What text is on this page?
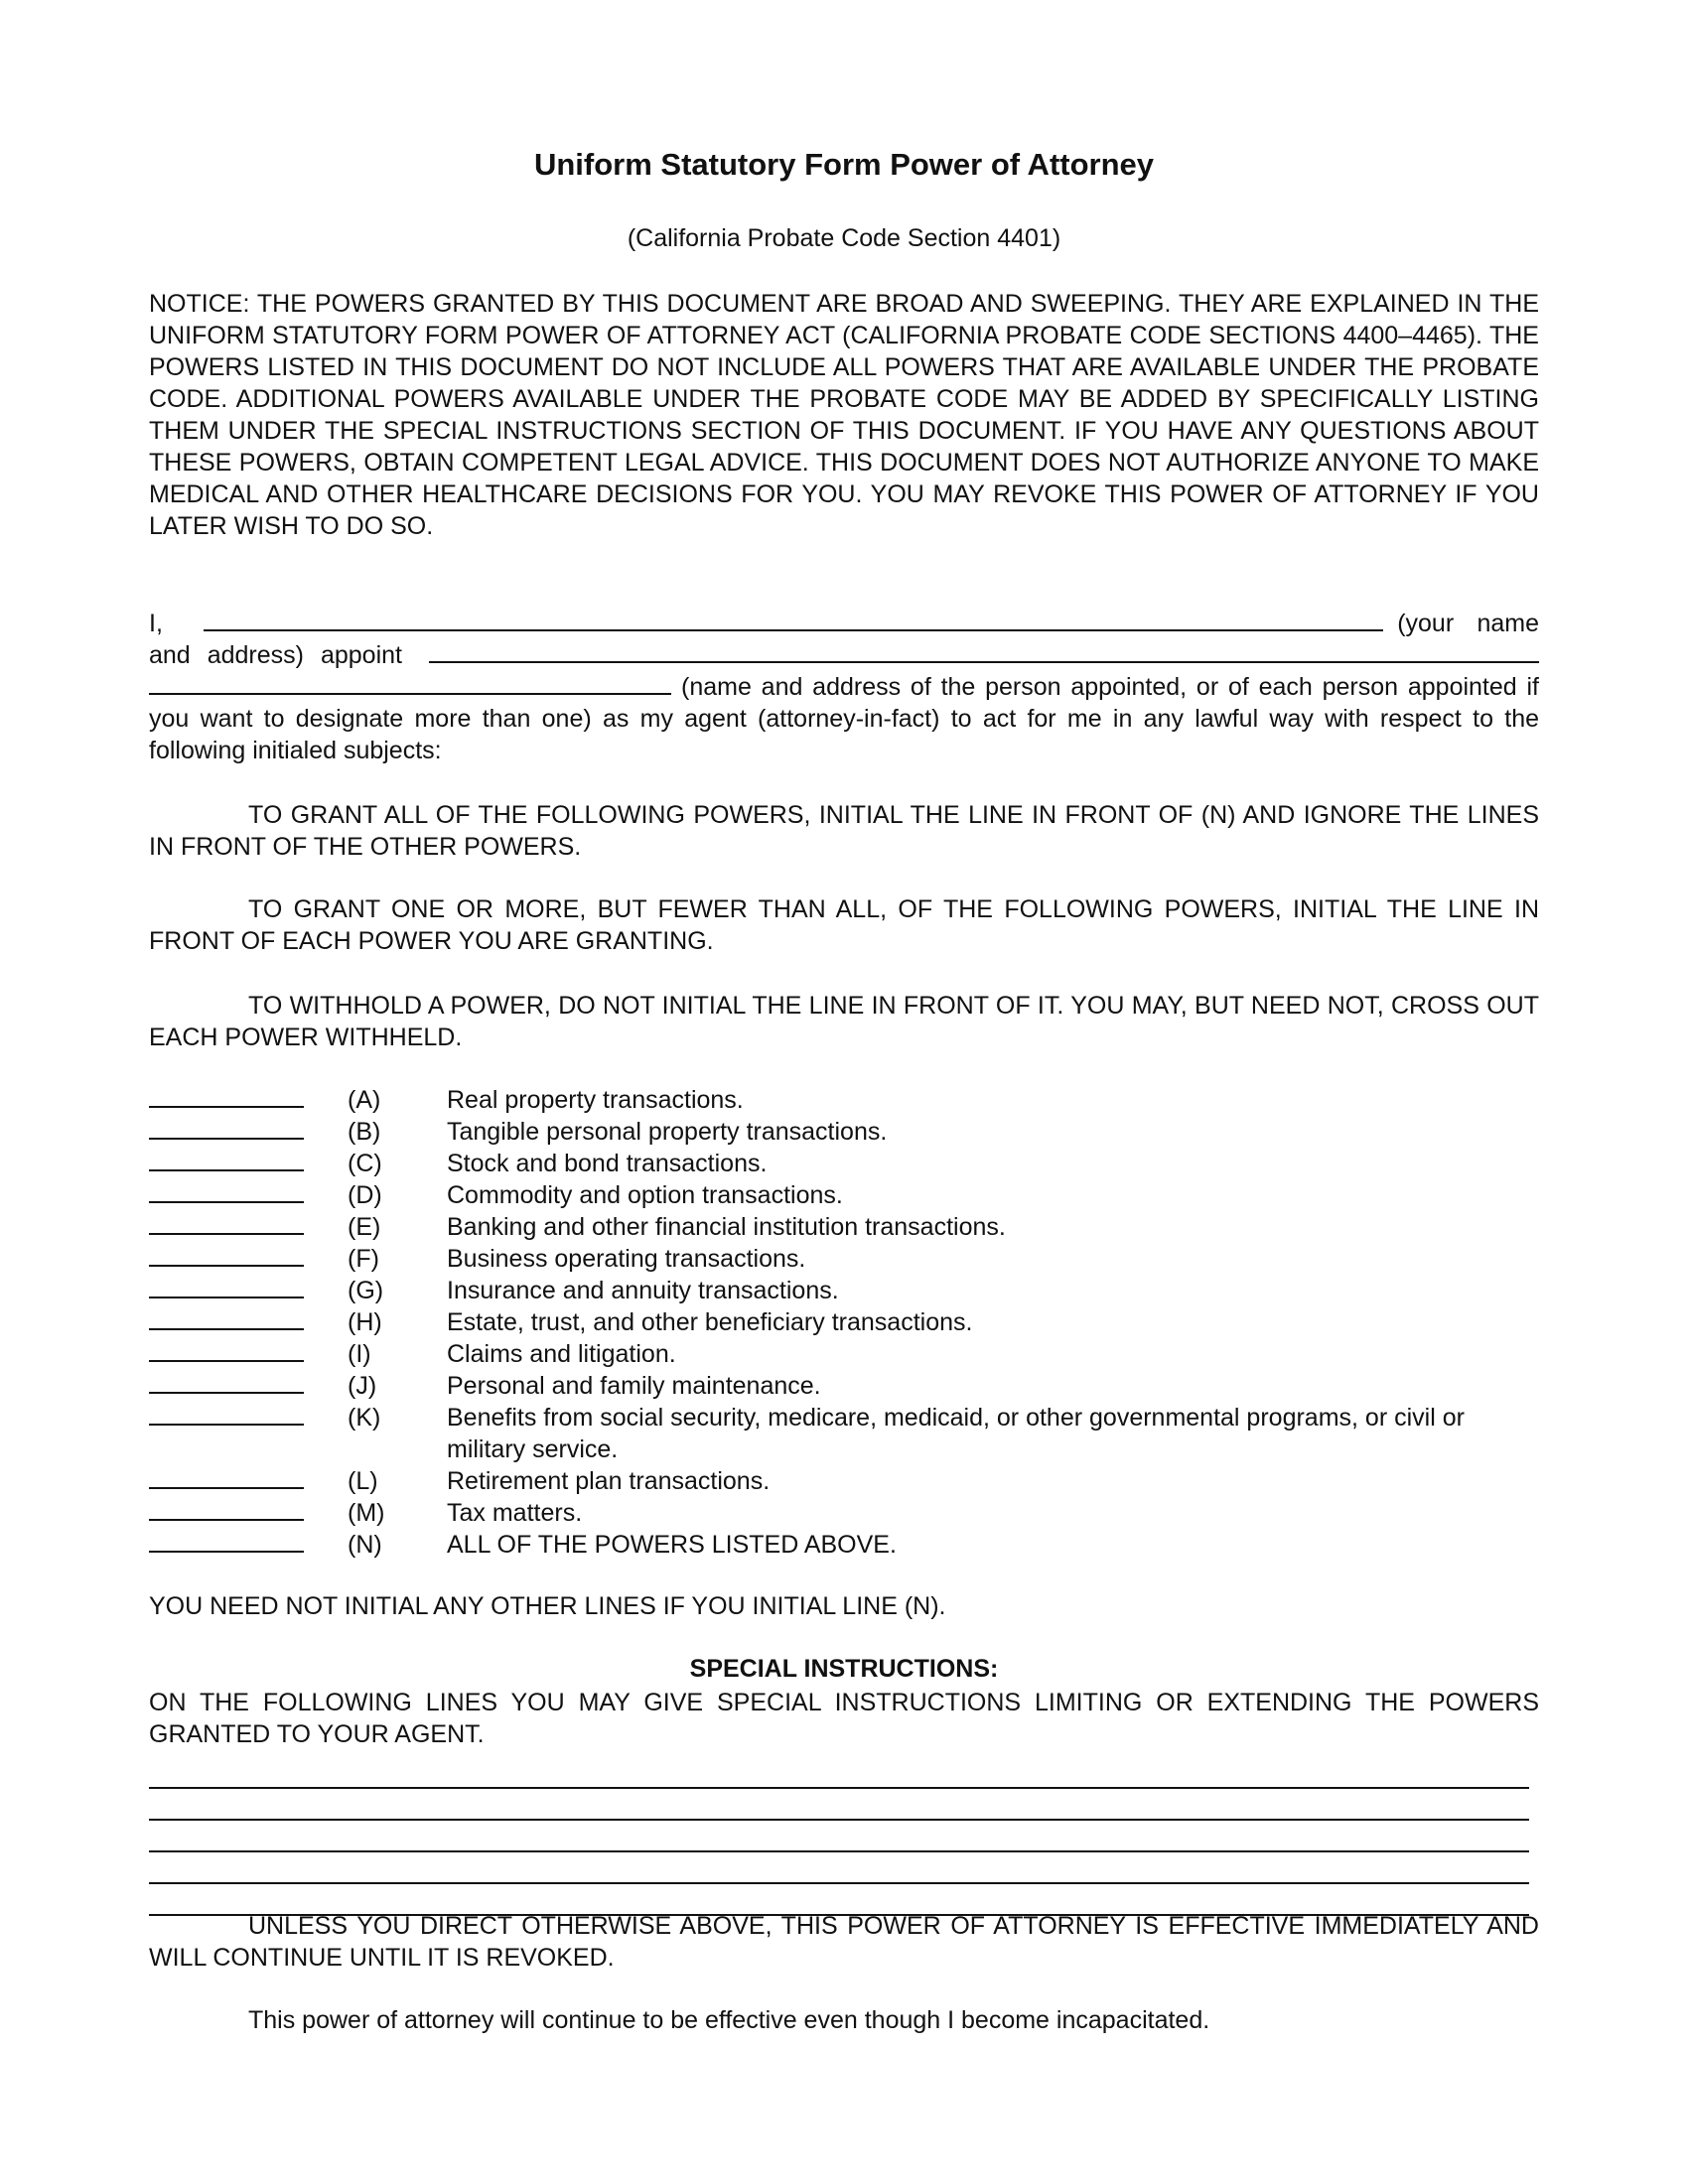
Uniform Statutory Form Power of Attorney

(California Probate Code Section 4401)

NOTICE: THE POWERS GRANTED BY THIS DOCUMENT ARE BROAD AND SWEEPING. THEY ARE EXPLAINED IN THE UNIFORM STATUTORY FORM POWER OF ATTORNEY ACT (CALIFORNIA PROBATE CODE SECTIONS 4400–4465). THE POWERS LISTED IN THIS DOCUMENT DO NOT INCLUDE ALL POWERS THAT ARE AVAILABLE UNDER THE PROBATE CODE. ADDITIONAL POWERS AVAILABLE UNDER THE PROBATE CODE MAY BE ADDED BY SPECIFICALLY LISTING THEM UNDER THE SPECIAL INSTRUCTIONS SECTION OF THIS DOCUMENT. IF YOU HAVE ANY QUESTIONS ABOUT THESE POWERS, OBTAIN COMPETENT LEGAL ADVICE. THIS DOCUMENT DOES NOT AUTHORIZE ANYONE TO MAKE MEDICAL AND OTHER HEALTHCARE DECISIONS FOR YOU. YOU MAY REVOKE THIS POWER OF ATTORNEY IF YOU LATER WISH TO DO SO.

I,	(your name and address) appoint  (name and address of the person appointed, or of each person appointed if you want to designate more than one) as my agent (attorney-in-fact) to act for me in any lawful way with respect to the following initialed subjects:

TO GRANT ALL OF THE FOLLOWING POWERS, INITIAL THE LINE IN FRONT OF (N) AND IGNORE THE LINES IN FRONT OF THE OTHER POWERS.

TO GRANT ONE OR MORE, BUT FEWER THAN ALL, OF THE FOLLOWING POWERS, INITIAL THE LINE IN FRONT OF EACH POWER YOU ARE GRANTING.

TO WITHHOLD A POWER, DO NOT INITIAL THE LINE IN FRONT OF IT. YOU MAY, BUT NEED NOT, CROSS OUT EACH POWER WITHHELD.

(A)	Real property transactions.
(B)	Tangible personal property transactions.
(C)	Stock and bond transactions.
(D)	Commodity and option transactions.
(E)	Banking and other financial institution transactions.
(F)	Business operating transactions.
(G)	Insurance and annuity transactions.
(H)	Estate, trust, and other beneficiary transactions.
(I)	Claims and litigation.
(J)	Personal and family maintenance.
(K)	Benefits from social security, medicare, medicaid, or other governmental programs, or civil or military service.
(L)	Retirement plan transactions.
(M)	Tax matters.
(N)	ALL OF THE POWERS LISTED ABOVE.

YOU NEED NOT INITIAL ANY OTHER LINES IF YOU INITIAL LINE (N).

SPECIAL INSTRUCTIONS:

ON THE FOLLOWING LINES YOU MAY GIVE SPECIAL INSTRUCTIONS LIMITING OR EXTENDING THE POWERS GRANTED TO YOUR AGENT.

UNLESS YOU DIRECT OTHERWISE ABOVE, THIS POWER OF ATTORNEY IS EFFECTIVE IMMEDIATELY AND WILL CONTINUE UNTIL IT IS REVOKED.

This power of attorney will continue to be effective even though I become incapacitated.
